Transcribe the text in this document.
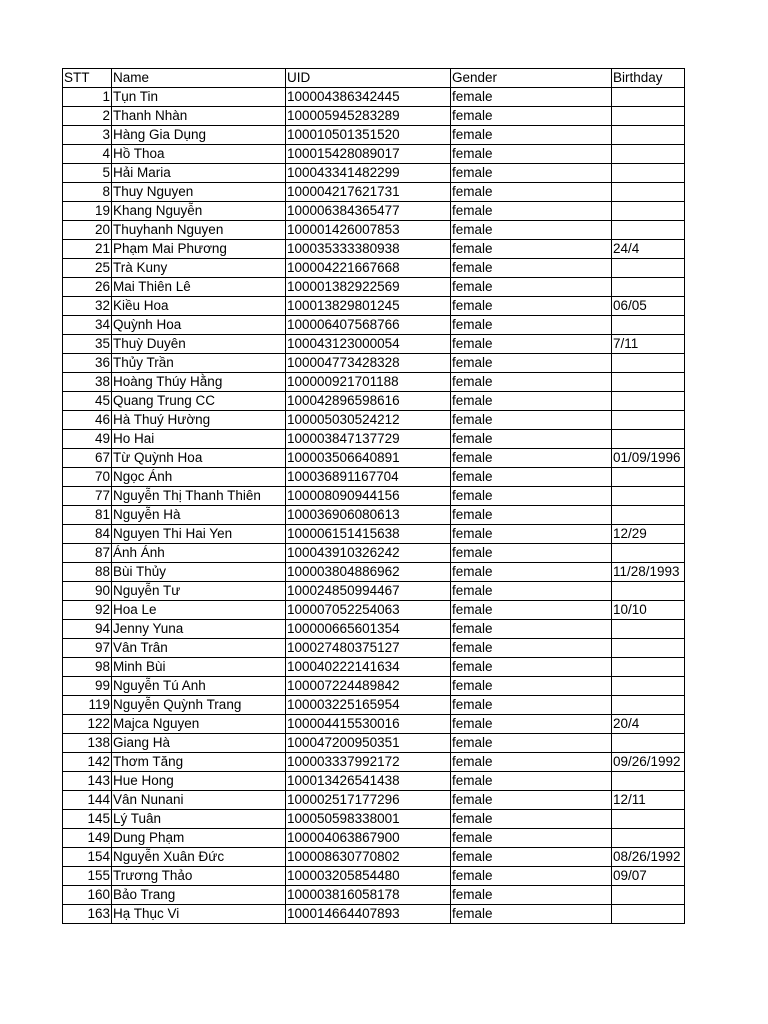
STT	Name	UID	Gender	Birthday
1	Tụn Tin	100004386342445	female	
2	Thanh Nhàn	100005945283289	female	
3	Hàng Gia Dụng	100010501351520	female	
4	Hồ Thoa	100015428089017	female	
5	Hải Maria	100043341482299	female	
8	Thuy Nguyen	100004217621731	female	
19	Khang Nguyễn	100006384365477	female	
20	Thuyhanh Nguyen	100001426007853	female	
21	Phạm Mai Phương	100035333380938	female	24/4
25	Trà Kuny	100004221667668	female	
26	Mai Thiên Lê	100001382922569	female	
32	Kiều Hoa	100013829801245	female	06/05
34	Quỳnh Hoa	100006407568766	female	
35	Thuỳ Duyên	100043123000054	female	7/11
36	Thủy Trần	100004773428328	female	
38	Hoàng Thúy Hằng	100000921701188	female	
45	Quang Trung CC	100042896598616	female	
46	Hà Thuý Hường	100005030524212	female	
49	Ho Hai	100003847137729	female	
67	Từ Quỳnh Hoa	100003506640891	female	01/09/1996
70	Ngọc Ánh	100036891167704	female	
77	Nguyễn Thị Thanh Thiên	100008090944156	female	
81	Nguyễn Hà	100036906080613	female	
84	Nguyen Thi Hai Yen	100006151415638	female	12/29
87	Ánh Ánh	100043910326242	female	
88	Bùi Thủy	100003804886962	female	11/28/1993
90	Nguyễn Tư	100024850994467	female	
92	Hoa Le	100007052254063	female	10/10
94	Jenny Yuna	100000665601354	female	
97	Vân Trân	100027480375127	female	
98	Minh Bùi	100040222141634	female	
99	Nguyễn Tú Anh	100007224489842	female	
119	Nguyễn Quỳnh Trang	100003225165954	female	
122	Majca Nguyen	100004415530016	female	20/4
138	Giang Hà	100047200950351	female	
142	Thơm Tăng	100003337992172	female	09/26/1992
143	Hue Hong	100013426541438	female	
144	Vân Nunani	100002517177296	female	12/11
145	Lý Tuân	100050598338001	female	
149	Dung Phạm	100004063867900	female	
154	Nguyễn Xuân Đức	100008630770802	female	08/26/1992
155	Trương Thảo	100003205854480	female	09/07
160	Bảo Trang	100003816058178	female	
163	Hạ Thục Vi	100014664407893	female	
